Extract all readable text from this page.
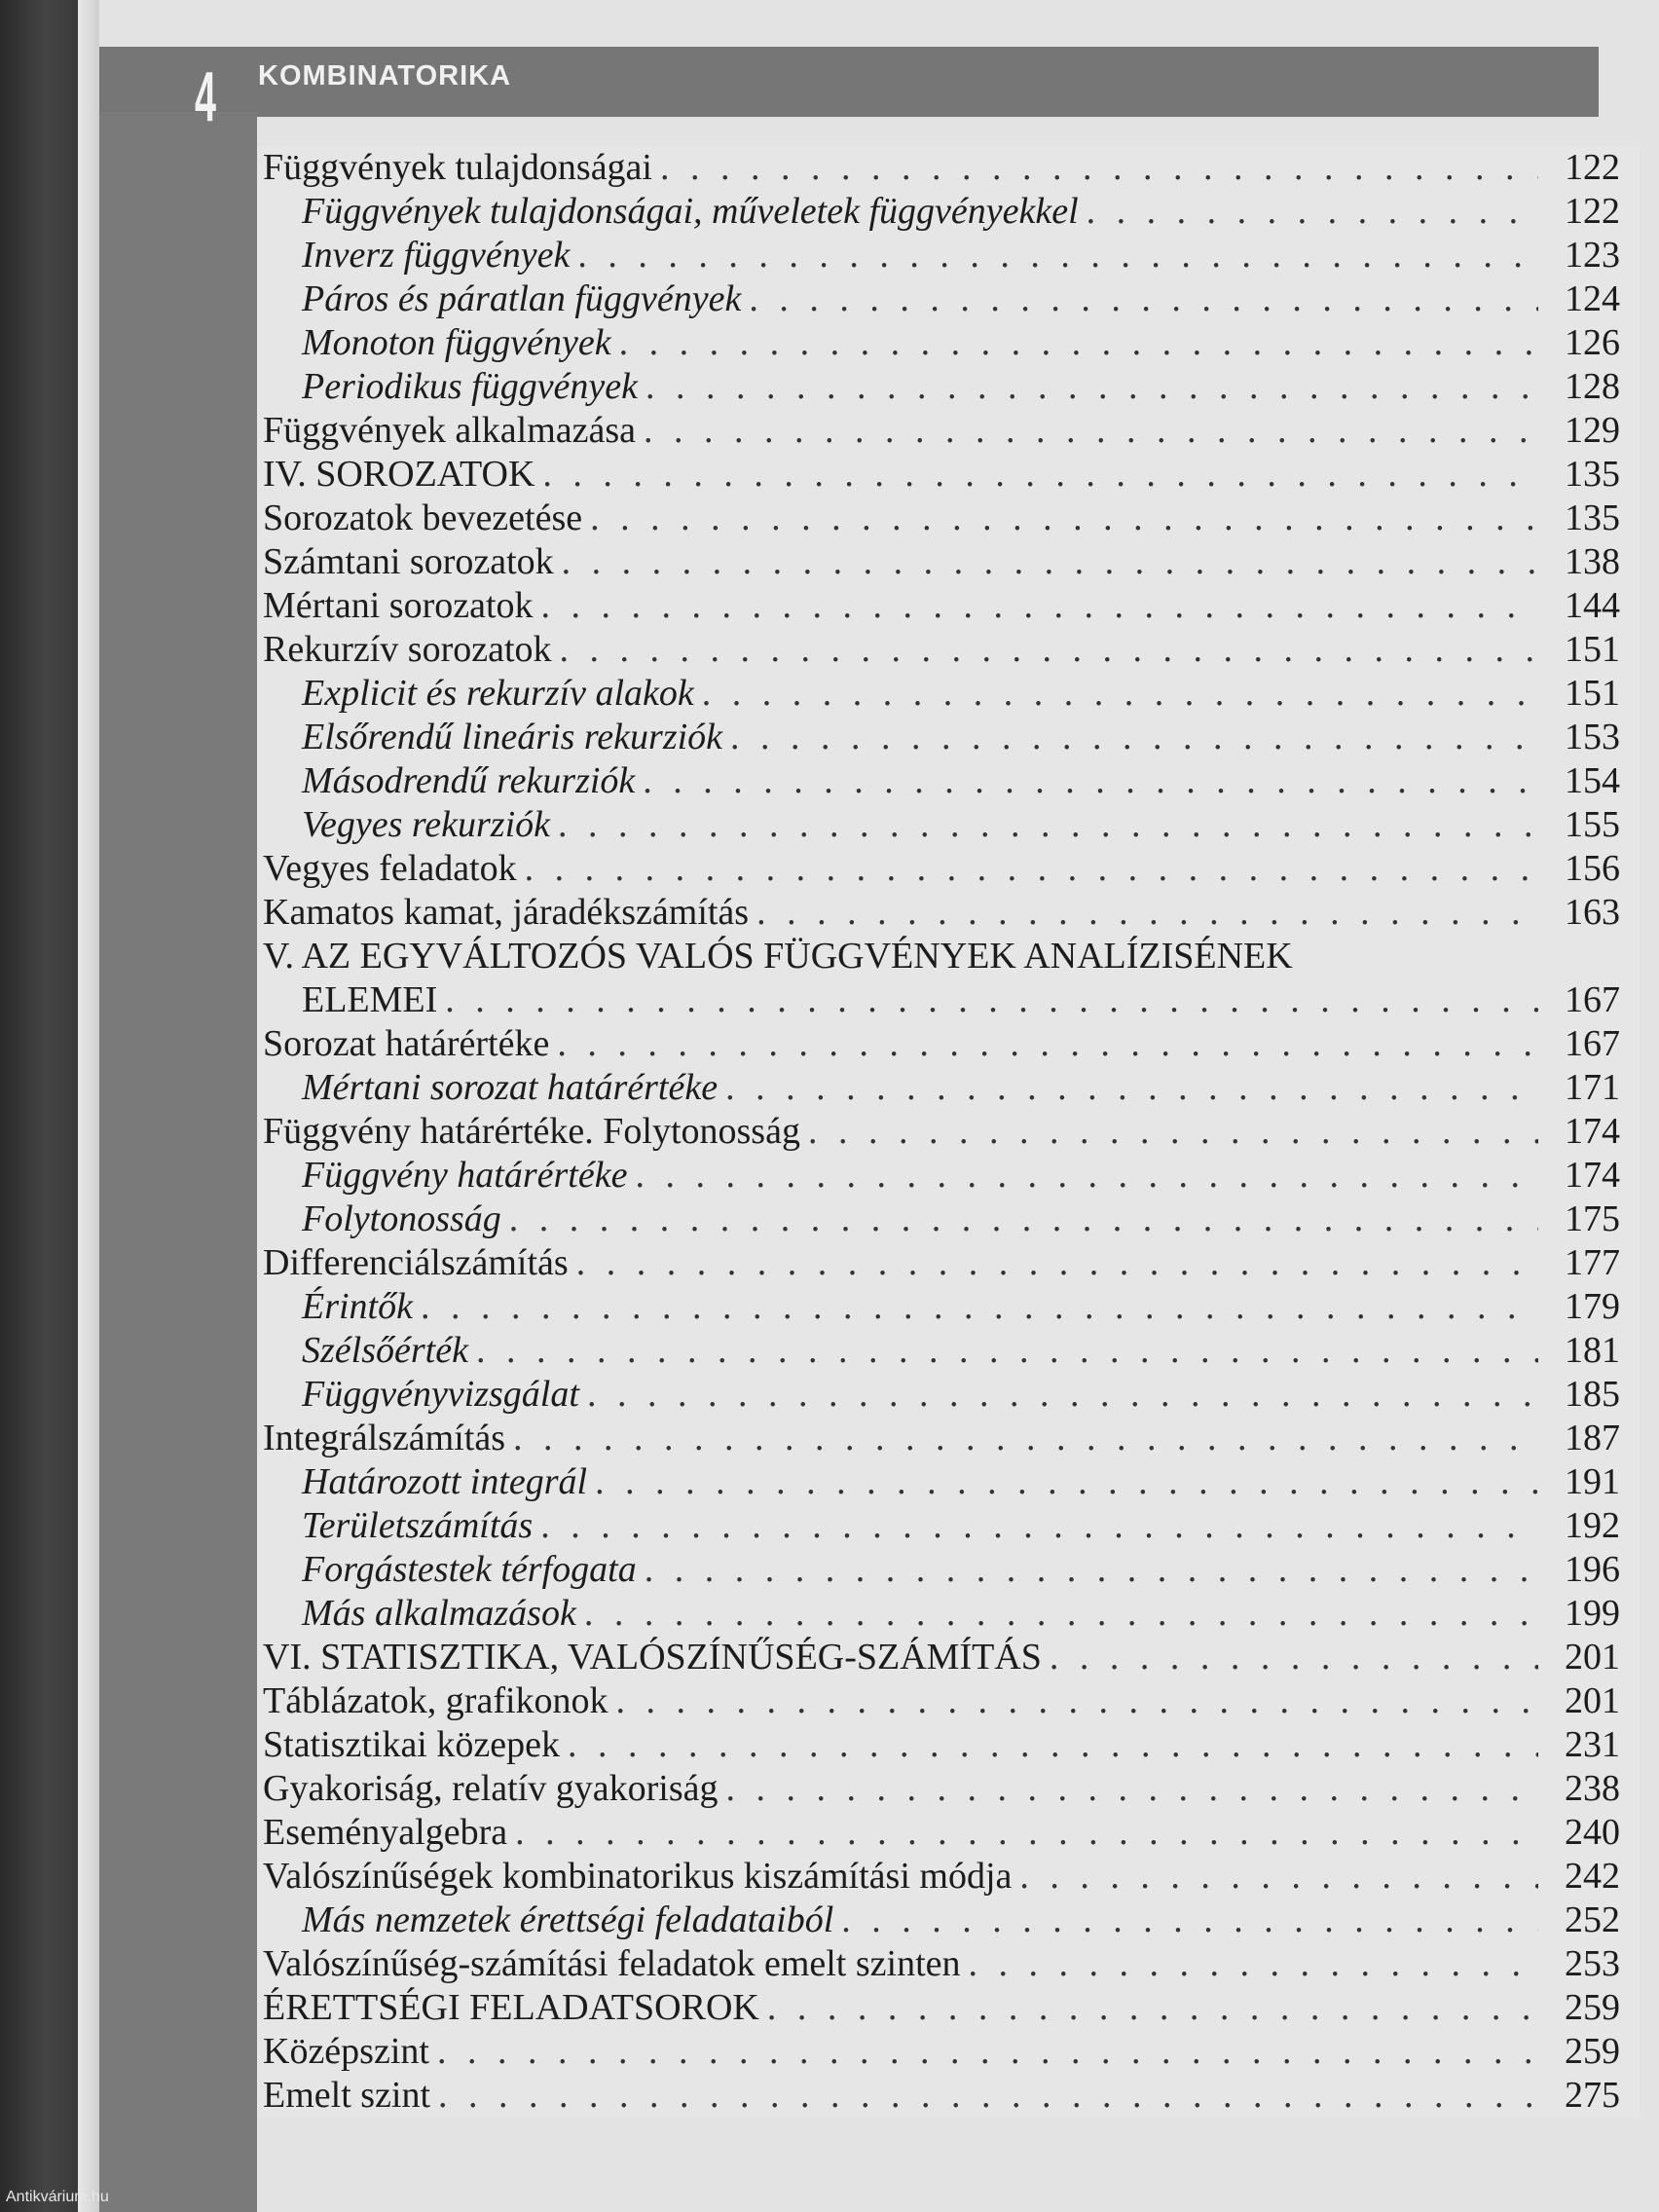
4 KOMBINATORIKA
Függvények tulajdonságai . . .	122
Függvények tulajdonságai, műveletek függvényekkel . . .	122
Inverz függvények . . .	123
Páros és páratlan függvények . . .	124
Monoton függvények . . .	126
Periodikus függvények . . .	128
Függvények alkalmazása . . .	129
IV. SOROZATOK . . .	135
Sorozatok bevezetése . . .	135
Számtani sorozatok . . .	138
Mértani sorozatok . . .	144
Rekurzív sorozatok . . .	151
Explicit és rekurzív alakok . . .	151
Elsőrendű lineáris rekurziók . . .	153
Másodrendű rekurziók . . .	154
Vegyes rekurziók . . .	155
Vegyes feladatok . . .	156
Kamatos kamat, járadékszámítás . . .	163
V. AZ EGYVÁLTOZÓS VALÓS FÜGGVÉNYEK ANALÍZISÉNEK
ELEMEI . . .	167
Sorozat határértéke . . .	167
Mértani sorozat határértéke . . .	171
Függvény határértéke. Folytonosság . . .	174
Függvény határértéke . . .	174
Folytonosság . . .	175
Differenciálszámítás . . .	177
Érintők . . .	179
Szélsőérték . . .	181
Függvényvizsgálat . . .	185
Integrálszámítás . . .	187
Határozott integrál . . .	191
Területszámítás . . .	192
Forgástestek térfogata . . .	196
Más alkalmazások . . .	199
VI. STATISZTIKA, VALÓSZÍNŰSÉG-SZÁMÍTÁS . . .	201
Táblázatok, grafikonok . . .	201
Statisztikai közepek . . .	231
Gyakoriság, relatív gyakoriság . . .	238
Eseményalgebra . . .	240
Valószínűségek kombinatorikus kiszámítási módja . . .	242
Más nemzetek érettségi feladataiból . . .	252
Valószínűség-számítási feladatok emelt szinten . . .	253
ÉRETTSÉGI FELADATSOROK . . .	259
Középszint . . .	259
Emelt szint . . .	275
Antikvárium.hu
